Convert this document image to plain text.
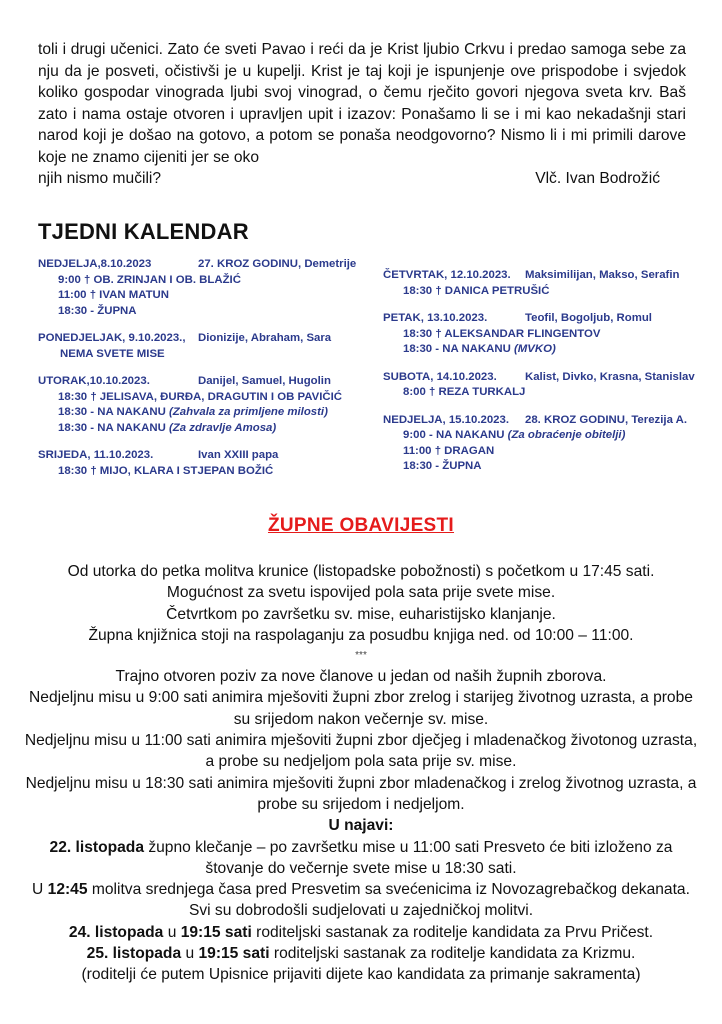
toli i drugi učenici. Zato će sveti Pavao i reći da je Krist ljubio Crkvu i predao samoga sebe za nju da je posveti, očistivši je u kupelji. Krist je taj koji je ispunjenje ove prispodobe i svjedok koliko gospodar vinograda ljubi svoj vinograd, o čemu rječito govori njegova sveta krv. Baš zato i nama ostaje otvoren i upravljen upit i izazov: Ponašamo li se i mi kao nekadašnji stari narod koji je došao na gotovo, a potom se ponaša neodgovorno? Nismo li i mi primili darove koje ne znamo cijeniti jer se oko

njih nismo mučili?	Vlč. Ivan Bodrožić

TJEDNI KALENDAR
NEDJELJA,8.10.2023	27. KROZ GODINU, Demetrije
9:00 † OB. ZRINJAN I OB. BLAŽIĆ
11:00 † IVAN MATUN
18:30 - ŽUPNA
PONEDJELJAK, 9.10.2023., Dionizije, Abraham, Sara
NEMA SVETE MISE
UTORAK,10.10.2023.	Danijel, Samuel, Hugolin
18:30 † JELISAVA, ĐURĐA, DRAGUTIN I OB PAVIČIĆ
18:30 - NA NAKANU (Zahvala za primljene milosti)
18:30 - NA NAKANU (Za zdravlje Amosa)
SRIJEDA, 11.10.2023.	Ivan XXIII papa
18:30 † MIJO, KLARA I STJEPAN BOŽIĆ
ČETVRTAK, 12.10.2023. Maksimilijan, Makso, Serafin
18:30 † DANICA PETRUŠIĆ
PETAK, 13.10.2023.	Teofil, Bogoljub, Romul
18:30 † ALEKSANDAR FLINGENTOV
18:30 - NA NAKANU (MVKO)
SUBOTA, 14.10.2023. Kalist, Divko, Krasna, Stanislav
8:00 † REZA TURKALJ
NEDJELJA, 15.10.2023. 28. KROZ GODINU, Terezija A.
9:00 - NA NAKANU (Za obraćenje obitelji)
11:00 † DRAGAN
18:30 - ŽUPNA
ŽUPNE OBAVIJESTI

Od utorka do petka molitva krunice (listopadske pobožnosti) s početkom u 17:45 sati.

Mogućnost za svetu ispovijed pola sata prije svete mise.

Četvrtkom po završetku sv. mise, euharistijsko klanjanje.

Župna knjižnica stoji na raspolaganju za posudbu knjiga ned. od 10:00 – 11:00.

***

Trajno otvoren poziv za nove članove u jedan od naših župnih zborova.

Nedjeljnu misu u 9:00 sati animira mješoviti župni zbor zrelog i starijeg životnog uzrasta, a probe su srijedom nakon večernje sv. mise.

Nedjeljnu misu u 11:00 sati animira mješoviti župni zbor dječjeg i mladenačkog životonog uzrasta, a probe su nedjeljom pola sata prije sv. mise.

Nedjeljnu misu u 18:30 sati animira mješoviti župni zbor mladenačkog i zrelog životnog uzrasta, a probe su srijedom i nedjeljom.

U najavi:

22. listopada župno klečanje – po završetku mise u 11:00 sati Presveto će biti izloženo za štovanje do večernje svete mise u 18:30 sati.

U 12:45 molitva srednjega časa pred Presvetim sa svećenicima iz Novozagrebačkog dekanata. Svi su dobrodošli sudjelovati u zajedničkoj molitvi.

24. listopada u 19:15 sati roditeljski sastanak za roditelje kandidata za Prvu Pričest.

25. listopada u 19:15 sati roditeljski sastanak za roditelje kandidata za Krizmu.

(roditelji će putem Upisnice prijaviti dijete kao kandidata za primanje sakramenta)
